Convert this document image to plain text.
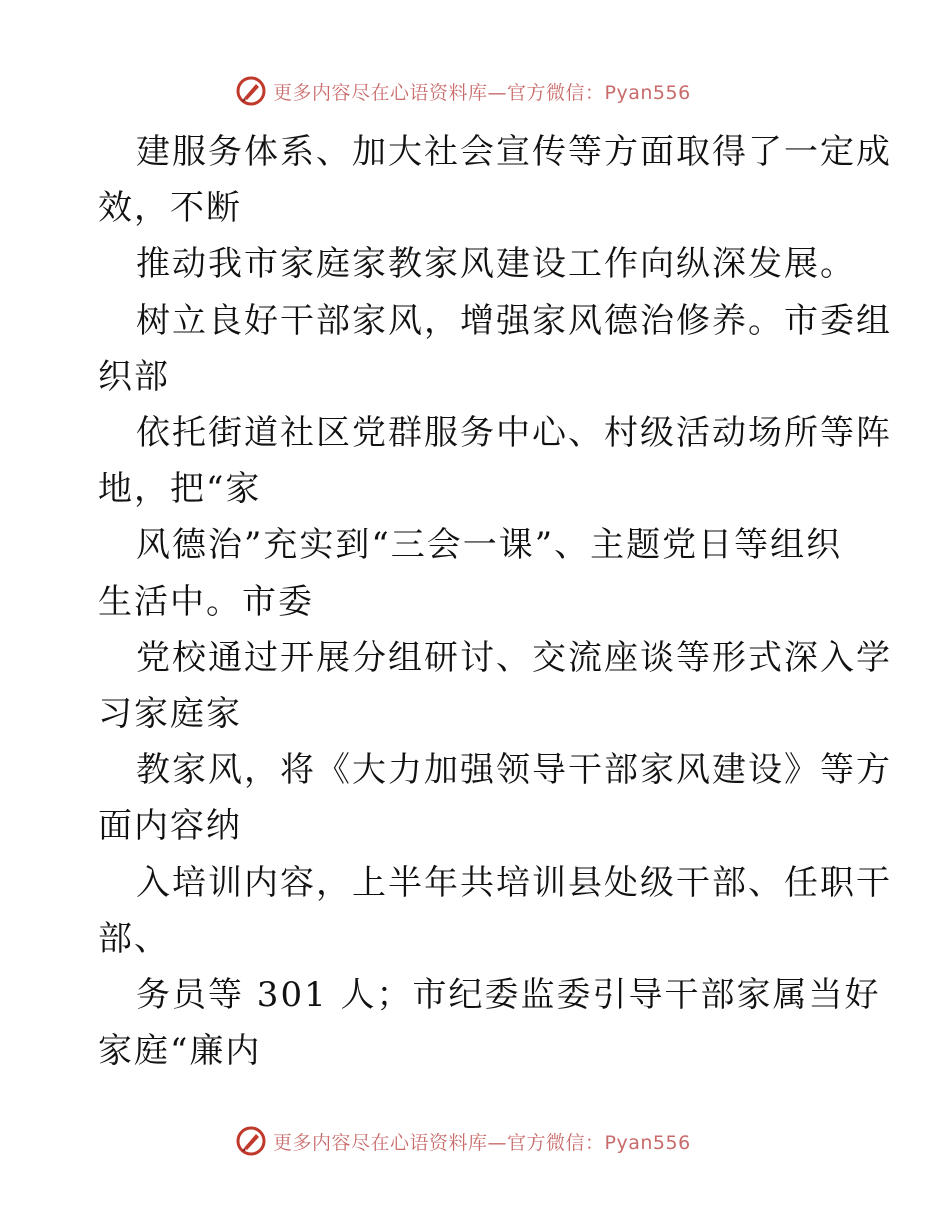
更多内容尽在心语资料库—官方微信：Pyan556
建服务体系、加大社会宣传等方面取得了一定成
效，不断
推动我市家庭家教家风建设工作向纵深发展。
树立良好干部家风，增强家风德治修养。市委组
织部
依托街道社区党群服务中心、村级活动场所等阵
地，把“家
风德治”充实到“三会一课”、主题党日等组织
生活中。市委
党校通过开展分组研讨、交流座谈等形式深入学
习家庭家
教家风，将《大力加强领导干部家风建设》等方
面内容纳
入培训内容，上半年共培训县处级干部、任职干
部、
务员等 301 人；市纪委监委引导干部家属当好
家庭“廉内
更多内容尽在心语资料库—官方微信：Pyan556
